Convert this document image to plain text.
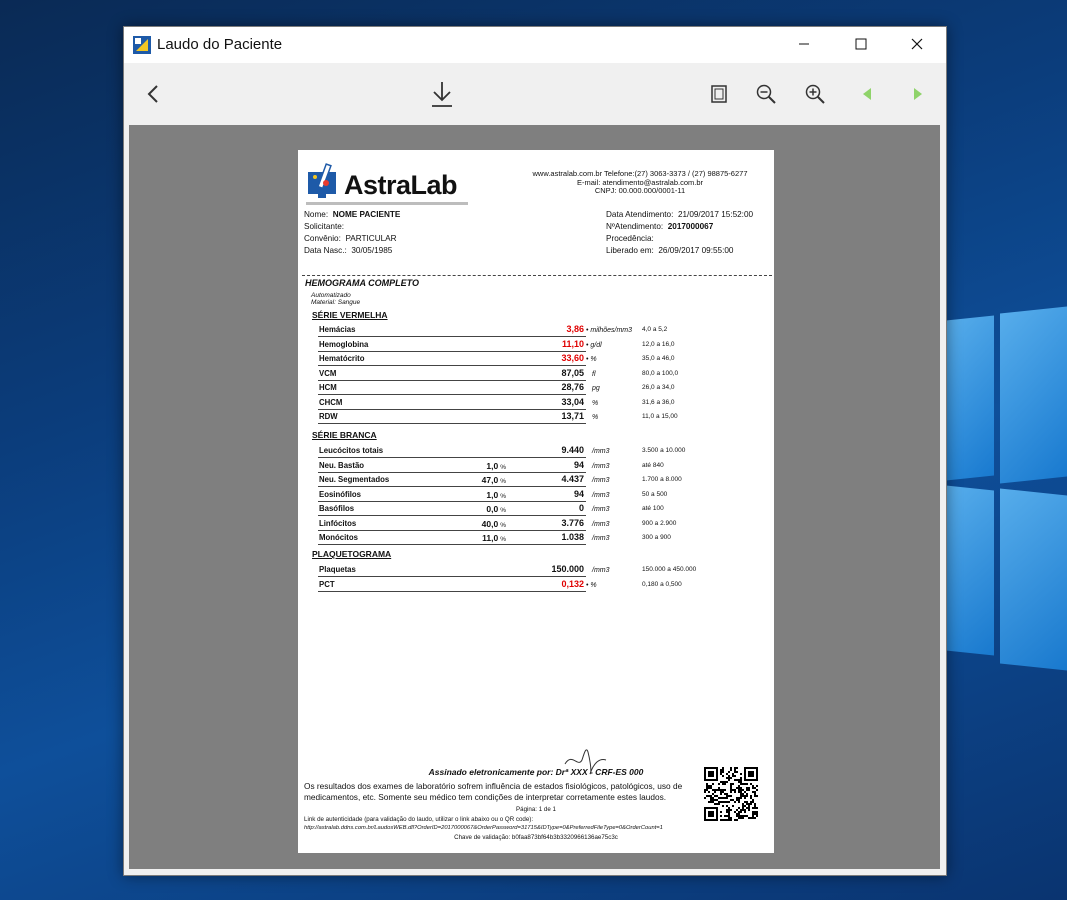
Laudo do Paciente
AstraLab	www.astralab.com.br Telefone:(27) 3063-3373 / (27) 98875-6277
E-mail: atendimento@astralab.com.br
CNPJ: 00.000.000/0001-11
Nome: NOME PACIENTE
Solicitante:
Convênio: PARTICULAR
Data Nasc.: 30/05/1985
Data Atendimento: 21/09/2017 15:52:00
NºAtendimento: 2017000067
Procedência:
Liberado em: 26/09/2017 09:55:00
HEMOGRAMA COMPLETO
Automatizado
Material: Sangue
SÉRIE VERMELHA
Hemácias	3,86 • milhões/mm3 4,0 a 5,2
Hemoglobina	11,10 • g/dl	12,0 a 16,0
Hematócrito	33,60 • %	35,0 a 46,0
VCM	87,05 fl	80,0 a 100,0
HCM	28,76 pg	26,0 a 34,0
CHCM	33,04 %	31,6 a 36,0
RDW	13,71 %	11,0 a 15,00
SÉRIE BRANCA
Leucócitos totais	9.440 /mm3	3.500 a 10.000
Neu. Bastão	1,0 %	94 /mm3	até 840
Neu. Segmentados	47,0 %	4.437 /mm3	1.700 a 8.000
Eosinófilos	1,0 %	94 /mm3	50 a 500
Basófilos	0,0 %	0 /mm3	até 100
Linfócitos	40,0 %	3.776 /mm3	900 a 2.900
Monócitos	11,0 %	1.038 /mm3	300 a 900
PLAQUETOGRAMA
Plaquetas	150.000 /mm3	150.000 a 450.000
PCT	0,132 • %	0,180 a 0,500
Assinado eletronicamente por: Drª XXX - CRF-ES 000
Os resultados dos exames de laboratório sofrem influência de estados fisiológicos, patológicos, uso de medicamentos, etc. Somente seu médico tem condições de interpretar corretamente estes laudos.
Página: 1 de 1
Link de autenticidade (para validação do laudo, utilizar o link abaixo ou o QR code):
http://astralab.ddns.com.br/LaudosWEB.dll?OrderID=2017000067&OrderPassword=31715&IDType=0&PreferredFileType=0&OrderCount=1
Chave de validação: b0faa873bf64b3b3320966136ae75c3c
